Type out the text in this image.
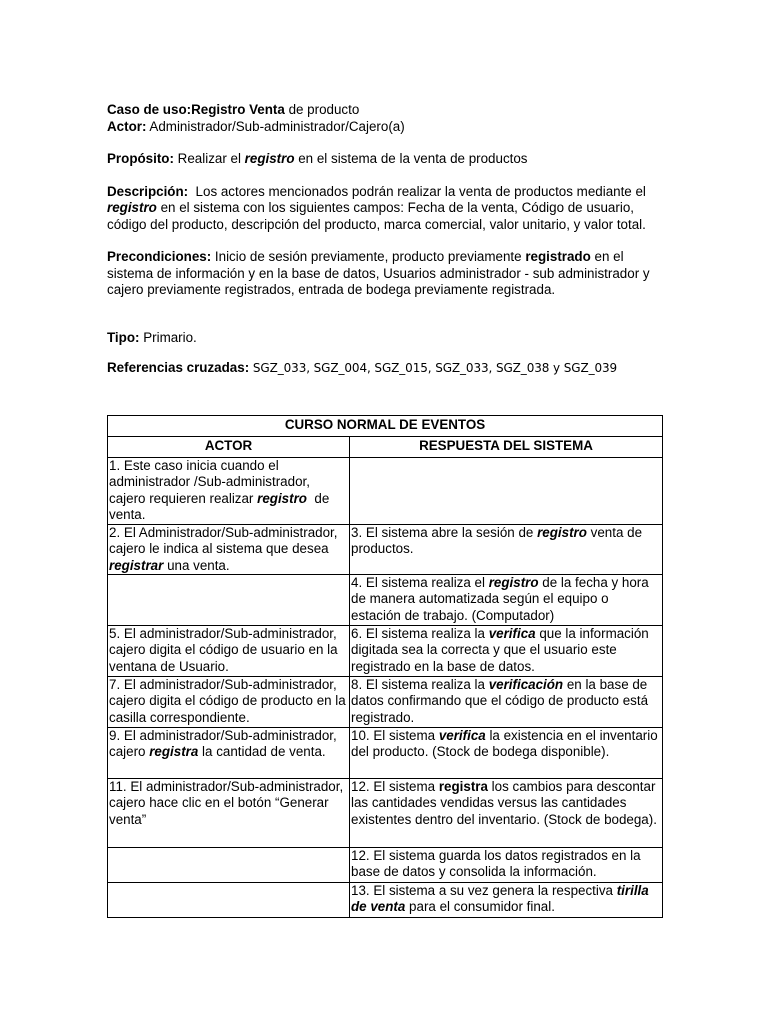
Caso de uso:Registro Venta de producto

Actor: Administrador/Sub-administrador/Cajero(a)

Propósito: Realizar el registro en el sistema de la venta de productos

Descripción:  Los actores mencionados podrán realizar la venta de productos mediante el registro en el sistema con los siguientes campos: Fecha de la venta, Código de usuario, código del producto, descripción del producto, marca comercial, valor unitario, y valor total.

Precondiciones: Inicio de sesión previamente, producto previamente registrado en el sistema de información y en la base de datos, Usuarios administrador - sub administrador y cajero previamente registrados, entrada de bodega previamente registrada.

Tipo: Primario.

Referencias cruzadas: SGZ_033, SGZ_004, SGZ_015, SGZ_033, SGZ_038 y SGZ_039

CURSO NORMAL DE EVENTOS	
ACTOR	RESPUESTA DEL SISTEMA
1. Este caso inicia cuando el administrador /Sub-administrador, cajero requieren realizar registro  de venta.	
2. El Administrador/Sub-administrador, cajero le indica al sistema que desea registrar una venta.	3. El sistema abre la sesión de registro venta de productos.
	4. El sistema realiza el registro de la fecha y hora de manera automatizada según el equipo o estación de trabajo. (Computador)
5. El administrador/Sub-administrador, cajero digita el código de usuario en la ventana de Usuario.	6. El sistema realiza la verifica que la información digitada sea la correcta y que el usuario este registrado en la base de datos.
7. El administrador/Sub-administrador, cajero digita el código de producto en la casilla correspondiente.	8. El sistema realiza la verificación en la base de datos confirmando que el código de producto está registrado.
9. El administrador/Sub-administrador, cajero registra la cantidad de venta.	10. El sistema verifica la existencia en el inventario del producto. (Stock de bodega disponible).
11. El administrador/Sub-administrador, cajero hace clic en el botón “Generar venta”	12. El sistema registra los cambios para descontar las cantidades vendidas versus las cantidades existentes dentro del inventario. (Stock de bodega).
	12. El sistema guarda los datos registrados en la base de datos y consolida la información.
	13. El sistema a su vez genera la respectiva tirilla de venta para el consumidor final.
